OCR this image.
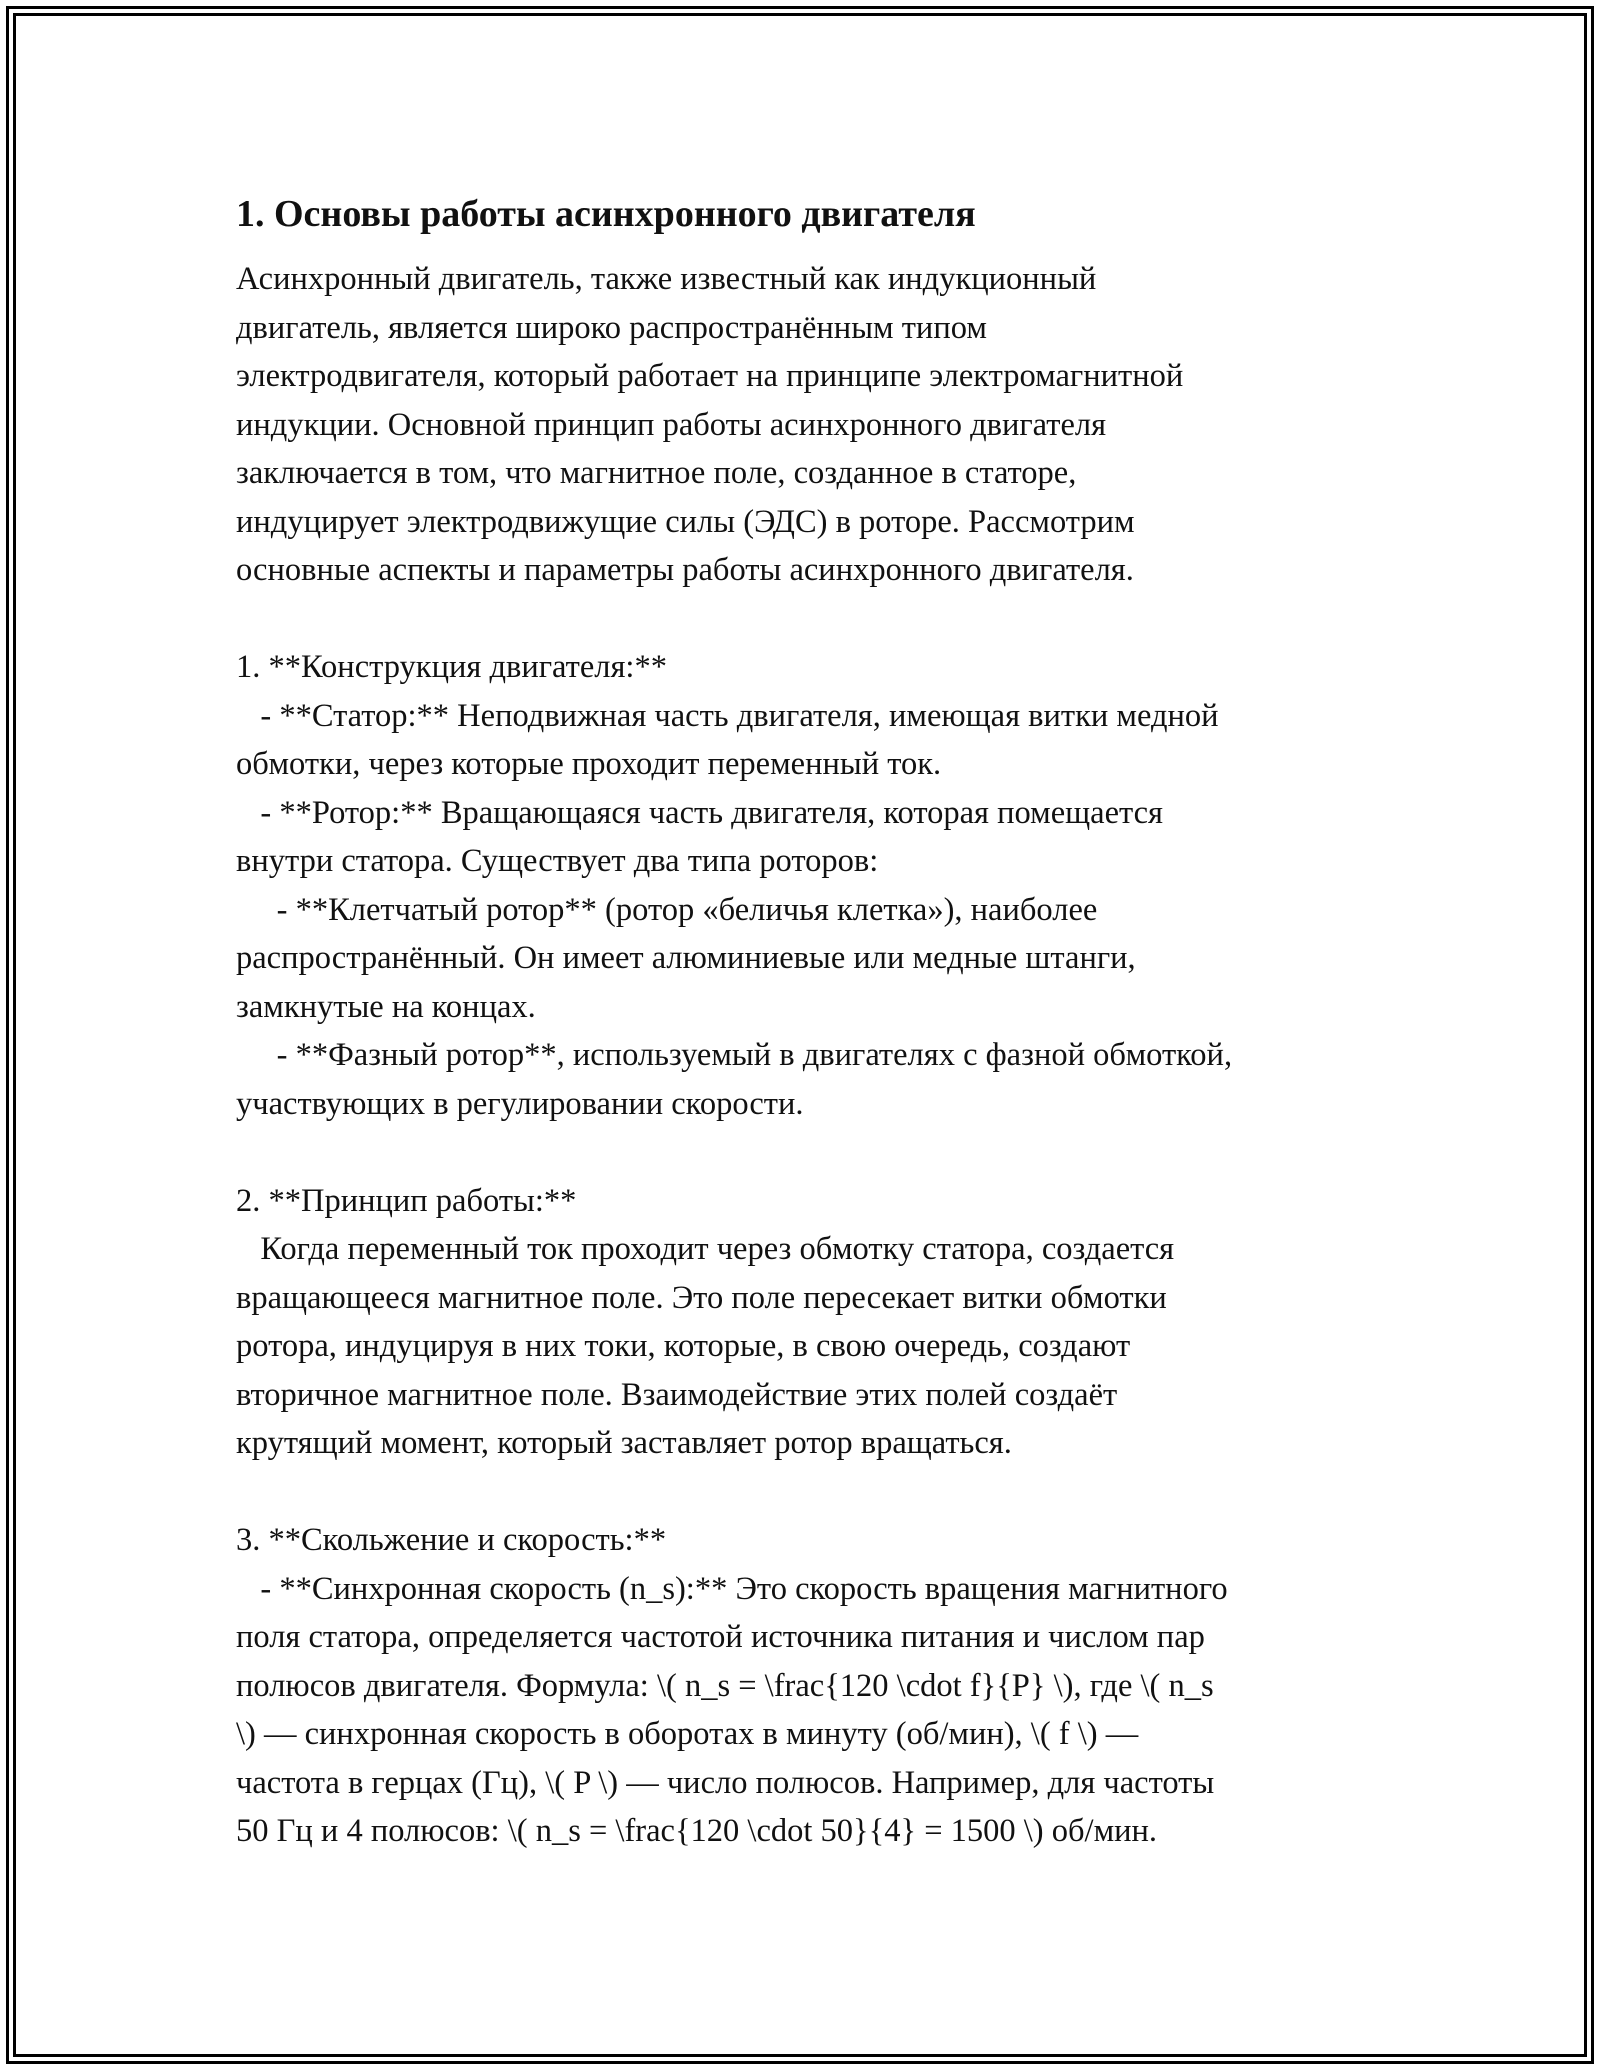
1. Основы работы асинхронного двигателя
Асинхронный двигатель, также известный как индукционный
двигатель, является широко распространённым типом
электродвигателя, который работает на принципе электромагнитной
индукции. Основной принцип работы асинхронного двигателя
заключается в том, что магнитное поле, созданное в статоре,
индуцирует электродвижущие силы (ЭДС) в роторе. Рассмотрим
основные аспекты и параметры работы асинхронного двигателя.
1. **Конструкция двигателя:**
- **Статор:** Неподвижная часть двигателя, имеющая витки медной
обмотки, через которые проходит переменный ток.
- **Ротор:** Вращающаяся часть двигателя, которая помещается
внутри статора. Существует два типа роторов:
- **Клетчатый ротор** (ротор «беличья клетка»), наиболее
распространённый. Он имеет алюминиевые или медные штанги,
замкнутые на концах.
- **Фазный ротор**, используемый в двигателях с фазной обмоткой,
участвующих в регулировании скорости.
2. **Принцип работы:**
Когда переменный ток проходит через обмотку статора, создается
вращающееся магнитное поле. Это поле пересекает витки обмотки
ротора, индуцируя в них токи, которые, в свою очередь, создают
вторичное магнитное поле. Взаимодействие этих полей создаёт
крутящий момент, который заставляет ротор вращаться.
3. **Скольжение и скорость:**
- **Синхронная скорость (n_s):** Это скорость вращения магнитного
поля статора, определяется частотой источника питания и числом пар
полюсов двигателя. Формула: \( n_s = \frac{120 \cdot f}{P} \), где \( n_s
\) — синхронная скорость в оборотах в минуту (об/мин), \( f \) —
частота в герцах (Гц), \( P \) — число полюсов. Например, для частоты
50 Гц и 4 полюсов: \( n_s = \frac{120 \cdot 50}{4} = 1500 \) об/мин.
